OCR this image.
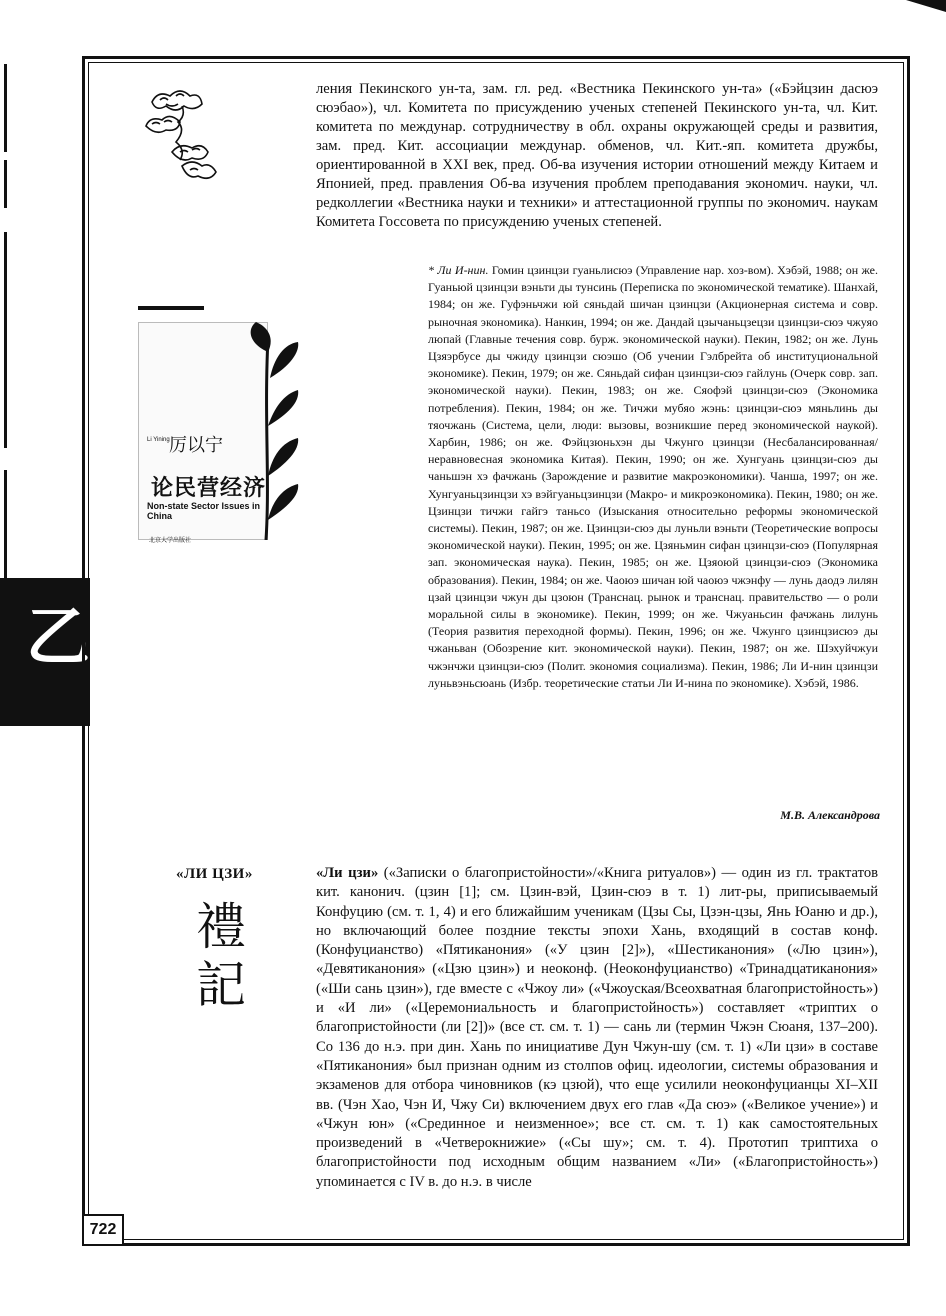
乙
Li Yining 厉以宁
论民营经济
Non-state Sector Issues in China
北京大学出版社
ления Пекинского ун-та, зам. гл. ред. «Вестника Пекинского ун-та» («Бэйцзин дасюэ сюэбао»), чл. Комитета по присуждению ученых степеней Пекинского ун-та, чл. Кит. комитета по междунар. сотрудничеству в обл. охраны окружающей среды и развития, зам. пред. Кит. ассоциации междунар. обменов, чл. Кит.-яп. комитета дружбы, ориентированной в XXI век, пред. Об-ва изучения истории отношений между Китаем и Японией, пред. правления Об-ва изучения проблем преподавания экономич. науки, чл. редколлегии «Вестника науки и техники» и аттестационной группы по экономич. наукам Комитета Госсовета по присуждению ученых степеней.
* Ли И-нин. Гомин цзинцзи гуаньлисюэ (Управление нар. хоз-вом). Хэбэй, 1988; он же. Гуаньюй цзинцзи вэньти ды тунсинь (Переписка по экономической тематике). Шанхай, 1984; он же. Гуфэньчжи юй сяньдай шичан цзинцзи (Акционерная система и совр. рыночная экономика). Нанкин, 1994; он же. Дандай цзычаньцзецзи цзинцзи-сюэ чжуяо люпай (Главные течения совр. бурж. экономической науки). Пекин, 1982; он же. Лунь Цзяэрбусе ды чжиду цзинцзи сюэшо (Об учении Гэлбрейта об институциональной экономике). Пекин, 1979; он же. Сяньдай сифан цзинцзи-сюэ гайлунь (Очерк совр. зап. экономической науки). Пекин, 1983; он же. Сяофэй цзинцзи-сюэ (Экономика потребления). Пекин, 1984; он же. Тичжи мубяо жэнь: цзинцзи-сюэ мяньлинь ды тяочжань (Система, цели, люди: вызовы, возникшие перед экономической наукой). Харбин, 1986; он же. Фэйцзюньхэн ды Чжунго цзинцзи (Несбалансированная/неравновесная экономика Китая). Пекин, 1990; он же. Хунгуань цзинцзи-сюэ ды чаньшэн хэ фачжань (Зарождение и развитие макроэкономики). Чанша, 1997; он же. Хунгуаньцзинцзи хэ вэйгуаньцзинцзи (Макро- и микроэкономика). Пекин, 1980; он же. Цзинцзи тичжи гайгэ таньсо (Изыскания относительно реформы экономической системы). Пекин, 1987; он же. Цзинцзи-сюэ ды луньли вэньти (Теоретические вопросы экономической науки). Пекин, 1995; он же. Цзяньмин сифан цзинцзи-сюэ (Популярная зап. экономическая наука). Пекин, 1985; он же. Цзяоюй цзинцзи-сюэ (Экономика образования). Пекин, 1984; он же. Чаоюэ шичан юй чаоюэ чжэнфу — лунь даодэ лилян цзай цзинцзи чжун ды цзоюн (Транснац. рынок и транснац. правительство — о роли моральной силы в экономике). Пекин, 1999; он же. Чжуаньсин фачжань лилунь (Теория развития переходной формы). Пекин, 1996; он же. Чжунго цзинцзисюэ ды чжаньван (Обозрение кит. экономической науки). Пекин, 1987; он же. Шэхуйчжуи чжэнчжи цзинцзи-сюэ (Полит. экономия социализма). Пекин, 1986; Ли И-нин цзинцзи луньвэньсюань (Избр. теоретические статьи Ли И-нина по экономике). Хэбэй, 1986.
М.В. Александрова
«ЛИ ЦЗИ»
禮
記
«Ли цзи» («Записки о благопристойности»/«Книга ритуалов») — один из гл. трактатов кит. канонич. (цзин [1]; см. Цзин-вэй, Цзин-сюэ в т. 1) лит-ры, приписываемый Конфуцию (см. т. 1, 4) и его ближайшим ученикам (Цзы Сы, Цзэн-цзы, Янь Юаню и др.), но включающий более поздние тексты эпохи Хань, входящий в состав конф. (Конфуцианство) «Пятиканония» («У цзин [2]»), «Шестиканония» («Лю цзин»), «Девятиканония» («Цзю цзин») и неоконф. (Неоконфуцианство) «Тринадцатиканония» («Ши сань цзин»), где вместе с «Чжоу ли» («Чжоуская/Всеохватная благопристойность») и «И ли» («Церемониальность и благопристойность») составляет «триптих о благопристойности (ли [2])» (все ст. см. т. 1) — сань ли (термин Чжэн Сюаня, 137–200). Со 136 до н.э. при дин. Хань по инициативе Дун Чжун-шу (см. т. 1) «Ли цзи» в составе «Пятиканония» был признан одним из столпов офиц. идеологии, системы образования и экзаменов для отбора чиновников (кэ цзюй), что еще усилили неоконфуцианцы XI–XII вв. (Чэн Хао, Чэн И, Чжу Си) включением двух его глав «Да сюэ» («Великое учение») и «Чжун юн» («Срединное и неизменное»; все ст. см. т. 1) как самостоятельных произведений в «Четверокнижие» («Сы шу»; см. т. 4). Прототип триптиха о благопристойности под исходным общим названием «Ли» («Благопристойность») упоминается с IV в. до н.э. в числе
722
